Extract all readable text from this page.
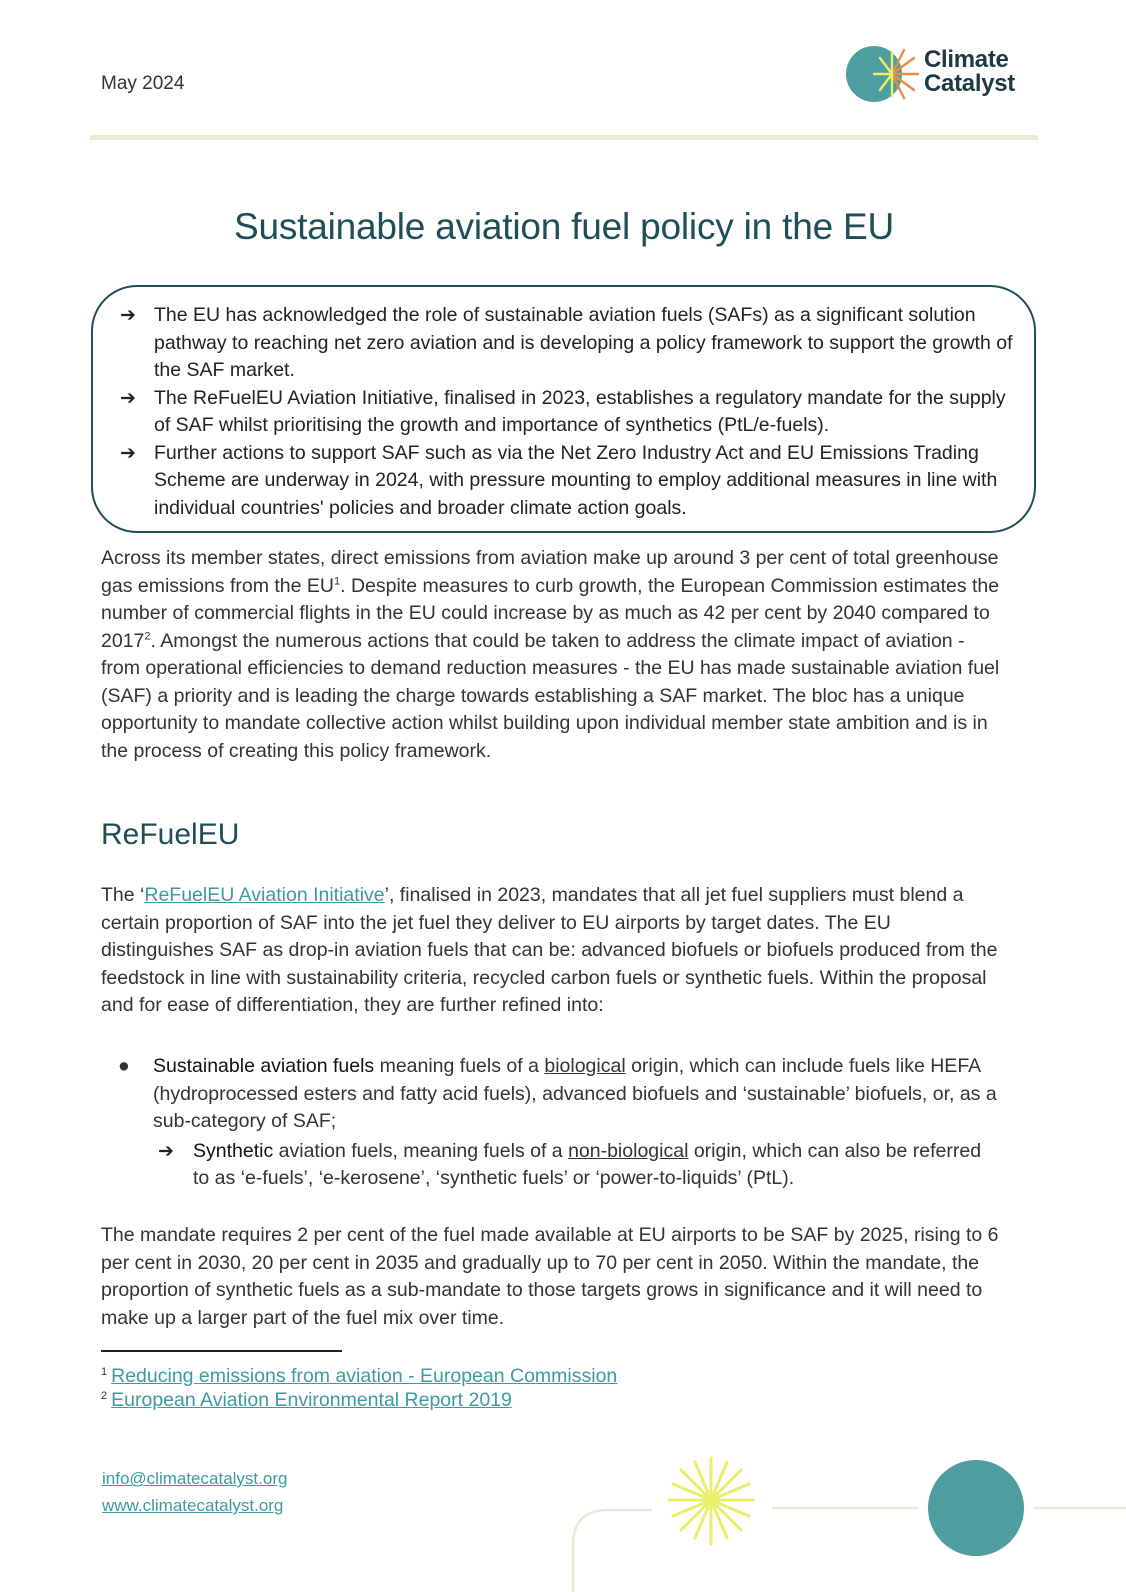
May 2024
Climate
Catalyst
Sustainable aviation fuel policy in the EU
➔ The EU has acknowledged the role of sustainable aviation fuels (SAFs) as a significant solution pathway to reaching net zero aviation and is developing a policy framework to support the growth of the SAF market.
➔ The ReFuelEU Aviation Initiative, finalised in 2023, establishes a regulatory mandate for the supply of SAF whilst prioritising the growth and importance of synthetics (PtL/e-fuels).
➔ Further actions to support SAF such as via the Net Zero Industry Act and EU Emissions Trading Scheme are underway in 2024, with pressure mounting to employ additional measures in line with individual countries' policies and broader climate action goals.

Across its member states, direct emissions from aviation make up around 3 per cent of total greenhouse gas emissions from the $EU^1$. Despite measures to curb growth, the European Commission estimates the number of commercial flights in the EU could increase by as much as 42 per cent by 2040 compared to 2017$^2$. Amongst the numerous actions that could be taken to address the climate impact of aviation - from operational efficiencies to demand reduction measures - the EU has made sustainable aviation fuel (SAF) a priority and is leading the charge towards establishing a SAF market. The bloc has a unique opportunity to mandate collective action whilst building upon individual member state ambition and is in the process of creating this policy framework.

ReFuelEU

The ‘ReFuelEU Aviation Initiative’, finalised in 2023, mandates that all jet fuel suppliers must blend a certain proportion of SAF into the jet fuel they deliver to EU airports by target dates. The EU distinguishes SAF as drop-in aviation fuels that can be: advanced biofuels or biofuels produced from the feedstock in line with sustainability criteria, recycled carbon fuels or synthetic fuels. Within the proposal and for ease of differentiation, they are further refined into:

● Sustainable aviation fuels meaning fuels of a biological origin, which can include fuels like HEFA (hydroprocessed esters and fatty acid fuels), advanced biofuels and ‘sustainable’ biofuels, or, as a sub-category of SAF;
➔ Synthetic aviation fuels, meaning fuels of a non-biological origin, which can also be referred to as ‘e-fuels’, ‘e-kerosene’, ‘synthetic fuels’ or ‘power-to-liquids’ (PtL).

The mandate requires 2 per cent of the fuel made available at EU airports to be SAF by 2025, rising to 6 per cent in 2030, 20 per cent in 2035 and gradually up to 70 per cent in 2050. Within the mandate, the proportion of synthetic fuels as a sub-mandate to those targets grows in significance and it will need to make up a larger part of the fuel mix over time.

$^1$ Reducing emissions from aviation - European Commission
$^2$ European Aviation Environmental Report 2019
info@climatecatalyst.org
www.climatecatalyst.org
